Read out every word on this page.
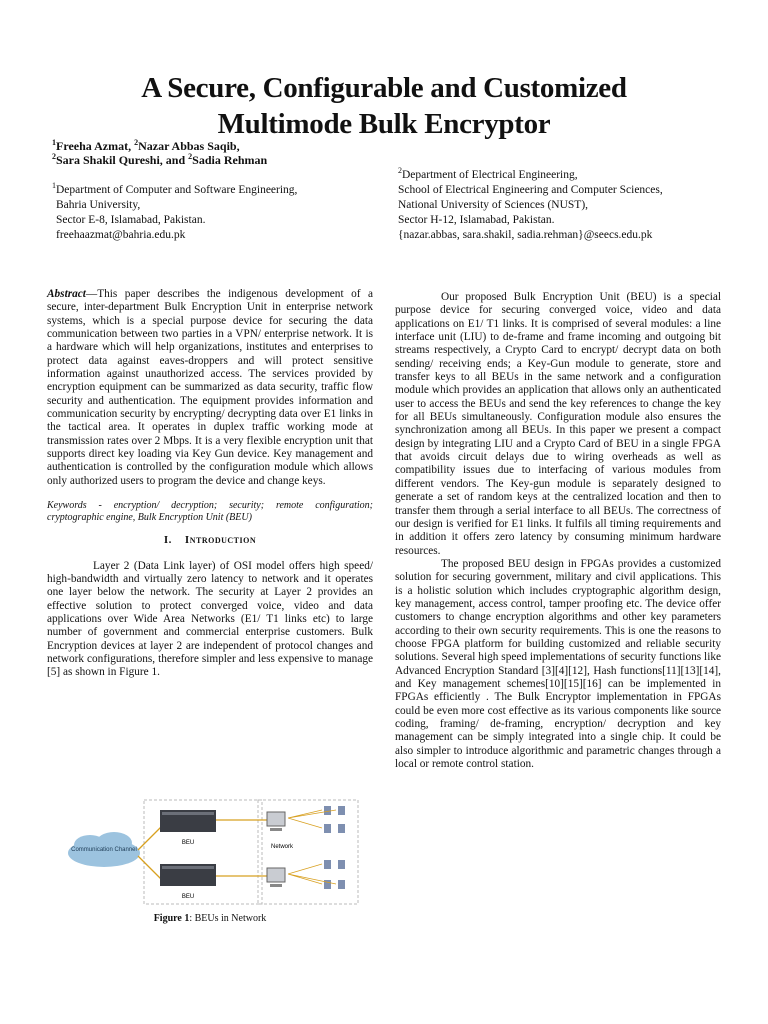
A Secure, Configurable and Customized
Multimode Bulk Encryptor
$^1$Freeha Azmat, $^2$Nazar Abbas Saqib,
$^2$Sara Shakil Qureshi, and $^2$Sadia Rehman
$^1$Department of Computer and Software Engineering,
Bahria University,
Sector E-8, Islamabad, Pakistan.
freehaazmat@bahria.edu.pk
$^2$Department of Electrical Engineering,
School of Electrical Engineering and Computer Sciences,
National University of Sciences (NUST),
Sector H-12, Islamabad, Pakistan.
{nazar.abbas, sara.shakil, sadia.rehman}@seecs.edu.pk

Abstract—This paper describes the indigenous development of a secure, inter-department Bulk Encryption Unit in enterprise network systems, which is a special purpose device for securing the data communication between two parties in a VPN/ enterprise network. It is a hardware which will help organizations, institutes and enterprises to protect data against eaves-droppers and will protect sensitive information against unauthorized access. The services provided by encryption equipment can be summarized as data security, traffic flow security and authentication. The equipment provides information and communication security by encrypting/ decrypting data over E1 links in the tactical area. It operates in duplex traffic working mode at transmission rates over 2 Mbps. It is a very flexible encryption unit that supports direct key loading via Key Gun device. Key management and authentication is controlled by the configuration module which allows only authorized users to program the device and change keys.

Keywords - encryption/ decryption; security; remote configuration; cryptographic engine, Bulk Encryption Unit (BEU)

I. Introduction

Layer 2 (Data Link layer) of OSI model offers high speed/ high-bandwidth and virtually zero latency to network and it operates one layer below the network. The security at Layer 2 provides an effective solution to protect converged voice, video and data applications over Wide Area Networks (E1/ T1 links etc) to large number of government and commercial enterprise customers. Bulk Encryption devices at layer 2 are independent of protocol changes and network configurations, therefore simpler and less expensive to manage [5] as shown in Figure 1.

Communication Channel
BEU
BEU
Network
Figure 1: BEUs in Network

Our proposed Bulk Encryption Unit (BEU) is a special purpose device for securing converged voice, video and data applications on E1/ T1 links. It is comprised of several modules: a line interface unit (LIU) to de-frame and frame incoming and outgoing bit streams respectively, a Crypto Card to encrypt/ decrypt data on both sending/ receiving ends; a Key-Gun module to generate, store and transfer keys to all BEUs in the same network and a configuration module which provides an application that allows only an authenticated user to access the BEUs and send the key references to change the key for all BEUs simultaneously. Configuration module also ensures the synchronization among all BEUs. In this paper we present a compact design by integrating LIU and a Crypto Card of BEU in a single FPGA that avoids circuit delays due to wiring overheads as well as compatibility issues due to interfacing of various modules from different vendors. The Key-gun module is separately designed to generate a set of random keys at the centralized location and then to transfer them through a serial interface to all BEUs. The correctness of our design is verified for E1 links. It fulfils all timing requirements and in addition it offers zero latency by consuming minimum hardware resources.

The proposed BEU design in FPGAs provides a customized solution for securing government, military and civil applications. This is a holistic solution which includes cryptographic algorithm design, key management, access control, tamper proofing etc. The device offer customers to change encryption algorithms and other key parameters according to their own security requirements. This is one the reasons to choose FPGA platform for building customized and reliable security solutions. Several high speed implementations of security functions like Advanced Encryption Standard [3][4][12], Hash functions[11][13][14], and Key management schemes[10][15][16] can be implemented in FPGAs efficiently . The Bulk Encryptor implementation in FPGAs could be even more cost effective as its various components like source coding, framing/ de-framing, encryption/ decryption and key management can be simply integrated into a single chip. It could be also simpler to introduce algorithmic and parametric changes through a local or remote control station.
